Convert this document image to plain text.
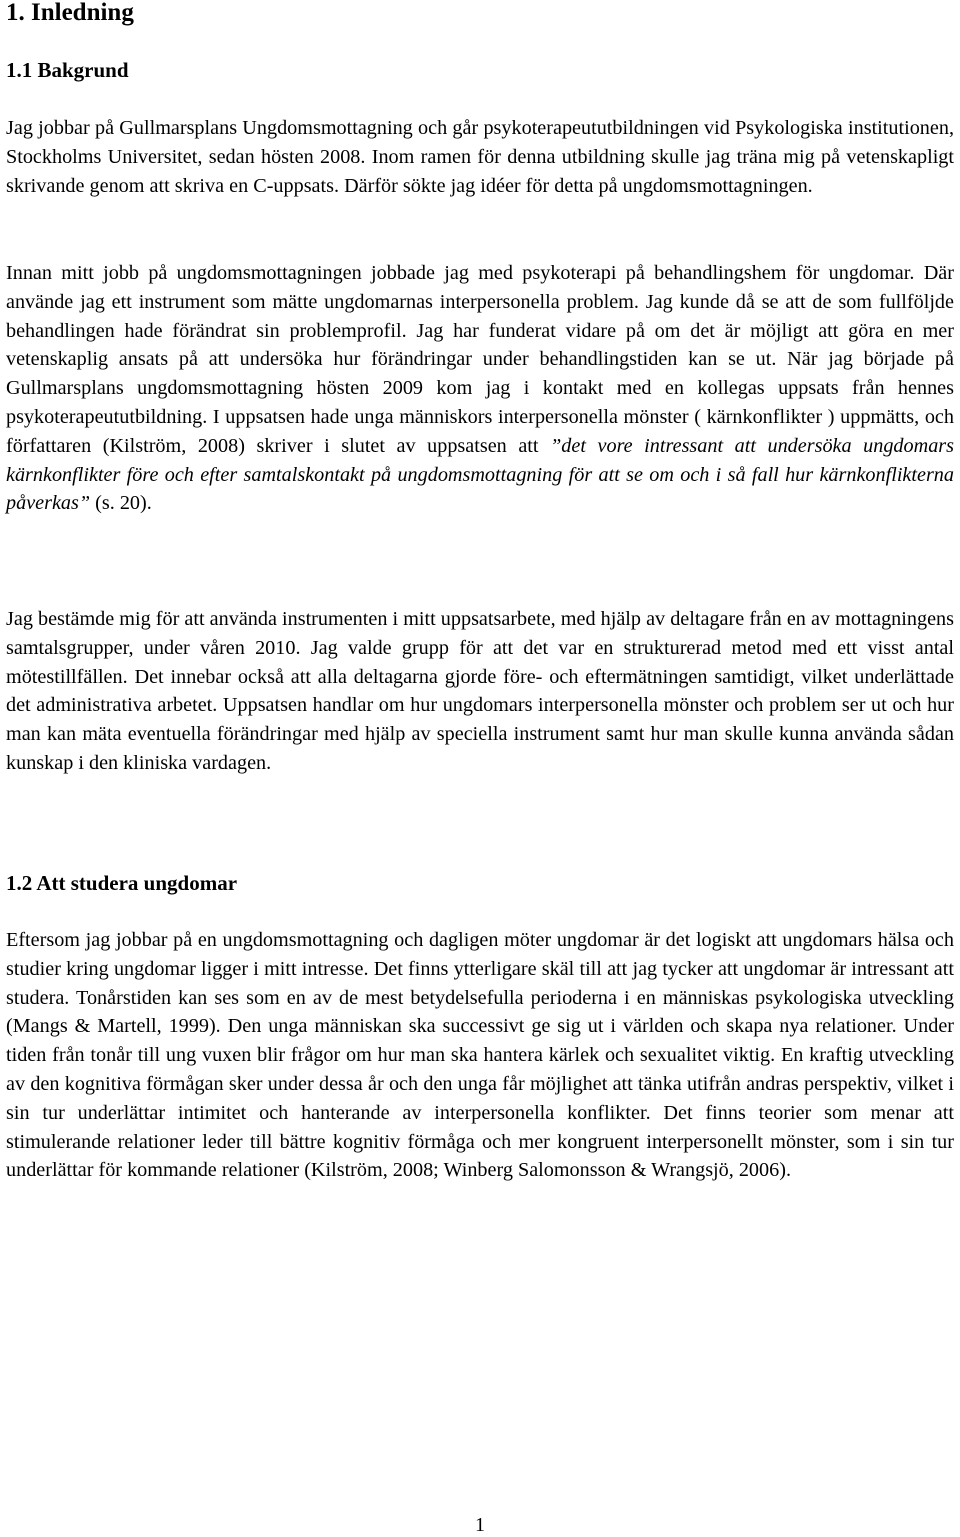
1. Inledning
1.1 Bakgrund

Jag jobbar på Gullmarsplans Ungdomsmottagning och går psykoterapeututbildningen vid Psykologiska institutionen, Stockholms Universitet, sedan hösten 2008. Inom ramen för denna utbildning skulle jag träna mig på vetenskapligt skrivande genom att skriva en C-uppsats. Därför sökte jag idéer för detta på ungdomsmottagningen.

Innan mitt jobb på ungdomsmottagningen jobbade jag med psykoterapi på behandlingshem för ungdomar. Där använde jag ett instrument som mätte ungdomarnas interpersonella problem. Jag kunde då se att de som fullföljde behandlingen hade förändrat sin problemprofil. Jag har funderat vidare på om det är möjligt att göra en mer vetenskaplig ansats på att undersöka hur förändringar under behandlingstiden kan se ut. När jag började på Gullmarsplans ungdomsmottagning hösten 2009 kom jag i kontakt med en kollegas uppsats från hennes psykoterapeututbildning. I uppsatsen hade unga människors interpersonella mönster ( kärnkonflikter ) uppmätts, och författaren (Kilström, 2008) skriver i slutet av uppsatsen att ”det vore intressant att undersöka ungdomars kärnkonflikter före och efter samtalskontakt på ungdomsmottagning för att se om och i så fall hur kärnkonflikterna påverkas” (s. 20).

Jag bestämde mig för att använda instrumenten i mitt uppsatsarbete, med hjälp av deltagare från en av mottagningens samtalsgrupper, under våren 2010. Jag valde grupp för att det var en strukturerad metod med ett visst antal mötestillfällen. Det innebar också att alla deltagarna gjorde före- och eftermätningen samtidigt, vilket underlättade det administrativa arbetet. Uppsatsen handlar om hur ungdomars interpersonella mönster och problem ser ut och hur man kan mäta eventuella förändringar med hjälp av speciella instrument samt hur man skulle kunna använda sådan kunskap i den kliniska vardagen.

1.2 Att studera ungdomar

Eftersom jag jobbar på en ungdomsmottagning och dagligen möter ungdomar är det logiskt att ungdomars hälsa och studier kring ungdomar ligger i mitt intresse. Det finns ytterligare skäl till att jag tycker att ungdomar är intressant att studera. Tonårstiden kan ses som en av de mest betydelsefulla perioderna i en människas psykologiska utveckling (Mangs & Martell, 1999). Den unga människan ska successivt ge sig ut i världen och skapa nya relationer. Under tiden från tonår till ung vuxen blir frågor om hur man ska hantera kärlek och sexualitet viktig. En kraftig utveckling av den kognitiva förmågan sker under dessa år och den unga får möjlighet att tänka utifrån andras perspektiv, vilket i sin tur underlättar intimitet och hanterande av interpersonella konflikter. Det finns teorier som menar att stimulerande relationer leder till bättre kognitiv förmåga och mer kongruent interpersonellt mönster, som i sin tur underlättar för kommande relationer (Kilström, 2008; Winberg Salomonsson & Wrangsjö, 2006).

1
